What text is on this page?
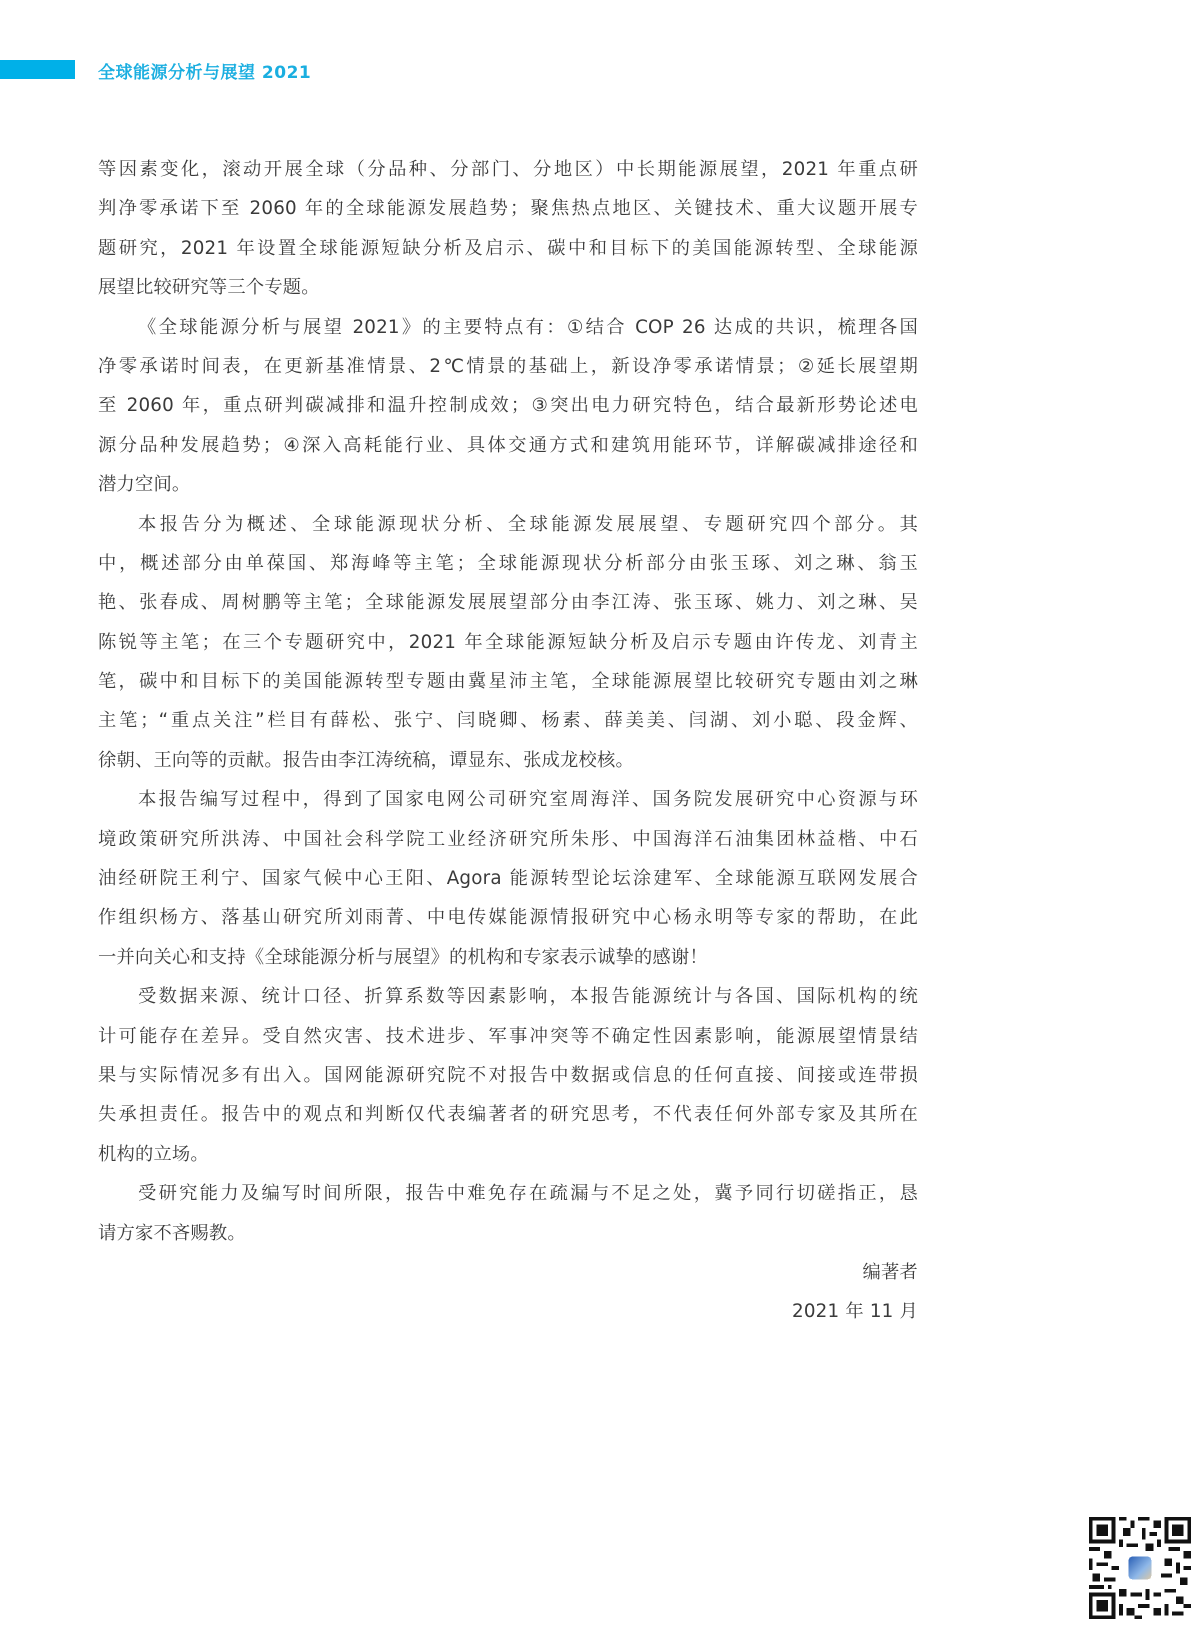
全球能源分析与展望 2021
等因素变化，滚动开展全球（分品种、分部门、分地区）中长期能源展望，2021 年重点研
判净零承诺下至 2060 年的全球能源发展趋势；聚焦热点地区、关键技术、重大议题开展专
题研究，2021 年设置全球能源短缺分析及启示、碳中和目标下的美国能源转型、全球能源
展望比较研究等三个专题。
《全球能源分析与展望 2021》的主要特点有：①结合 COP 26 达成的共识，梳理各国
净零承诺时间表，在更新基准情景、2℃情景的基础上，新设净零承诺情景；②延长展望期
至 2060 年，重点研判碳减排和温升控制成效；③突出电力研究特色，结合最新形势论述电
源分品种发展趋势；④深入高耗能行业、具体交通方式和建筑用能环节，详解碳减排途径和
潜力空间。
本报告分为概述、全球能源现状分析、全球能源发展展望、专题研究四个部分。其
中，概述部分由单葆国、郑海峰等主笔；全球能源现状分析部分由张玉琢、刘之琳、翁玉
艳、张春成、周树鹏等主笔；全球能源发展展望部分由李江涛、张玉琢、姚力、刘之琳、吴
陈锐等主笔；在三个专题研究中，2021 年全球能源短缺分析及启示专题由许传龙、刘青主
笔，碳中和目标下的美国能源转型专题由冀星沛主笔，全球能源展望比较研究专题由刘之琳
主笔；“重点关注”栏目有薛松、张宁、闫晓卿、杨素、薛美美、闫湖、刘小聪、段金辉、
徐朝、王向等的贡献。报告由李江涛统稿，谭显东、张成龙校核。
本报告编写过程中，得到了国家电网公司研究室周海洋、国务院发展研究中心资源与环
境政策研究所洪涛、中国社会科学院工业经济研究所朱彤、中国海洋石油集团林益楷、中石
油经研院王利宁、国家气候中心王阳、Agora 能源转型论坛涂建军、全球能源互联网发展合
作组织杨方、落基山研究所刘雨菁、中电传媒能源情报研究中心杨永明等专家的帮助，在此
一并向关心和支持《全球能源分析与展望》的机构和专家表示诚挚的感谢！
受数据来源、统计口径、折算系数等因素影响，本报告能源统计与各国、国际机构的统
计可能存在差异。受自然灾害、技术进步、军事冲突等不确定性因素影响，能源展望情景结
果与实际情况多有出入。国网能源研究院不对报告中数据或信息的任何直接、间接或连带损
失承担责任。报告中的观点和判断仅代表编著者的研究思考，不代表任何外部专家及其所在
机构的立场。
受研究能力及编写时间所限，报告中难免存在疏漏与不足之处，冀予同行切磋指正，恳
请方家不吝赐教。
编著者
2021 年 11 月
